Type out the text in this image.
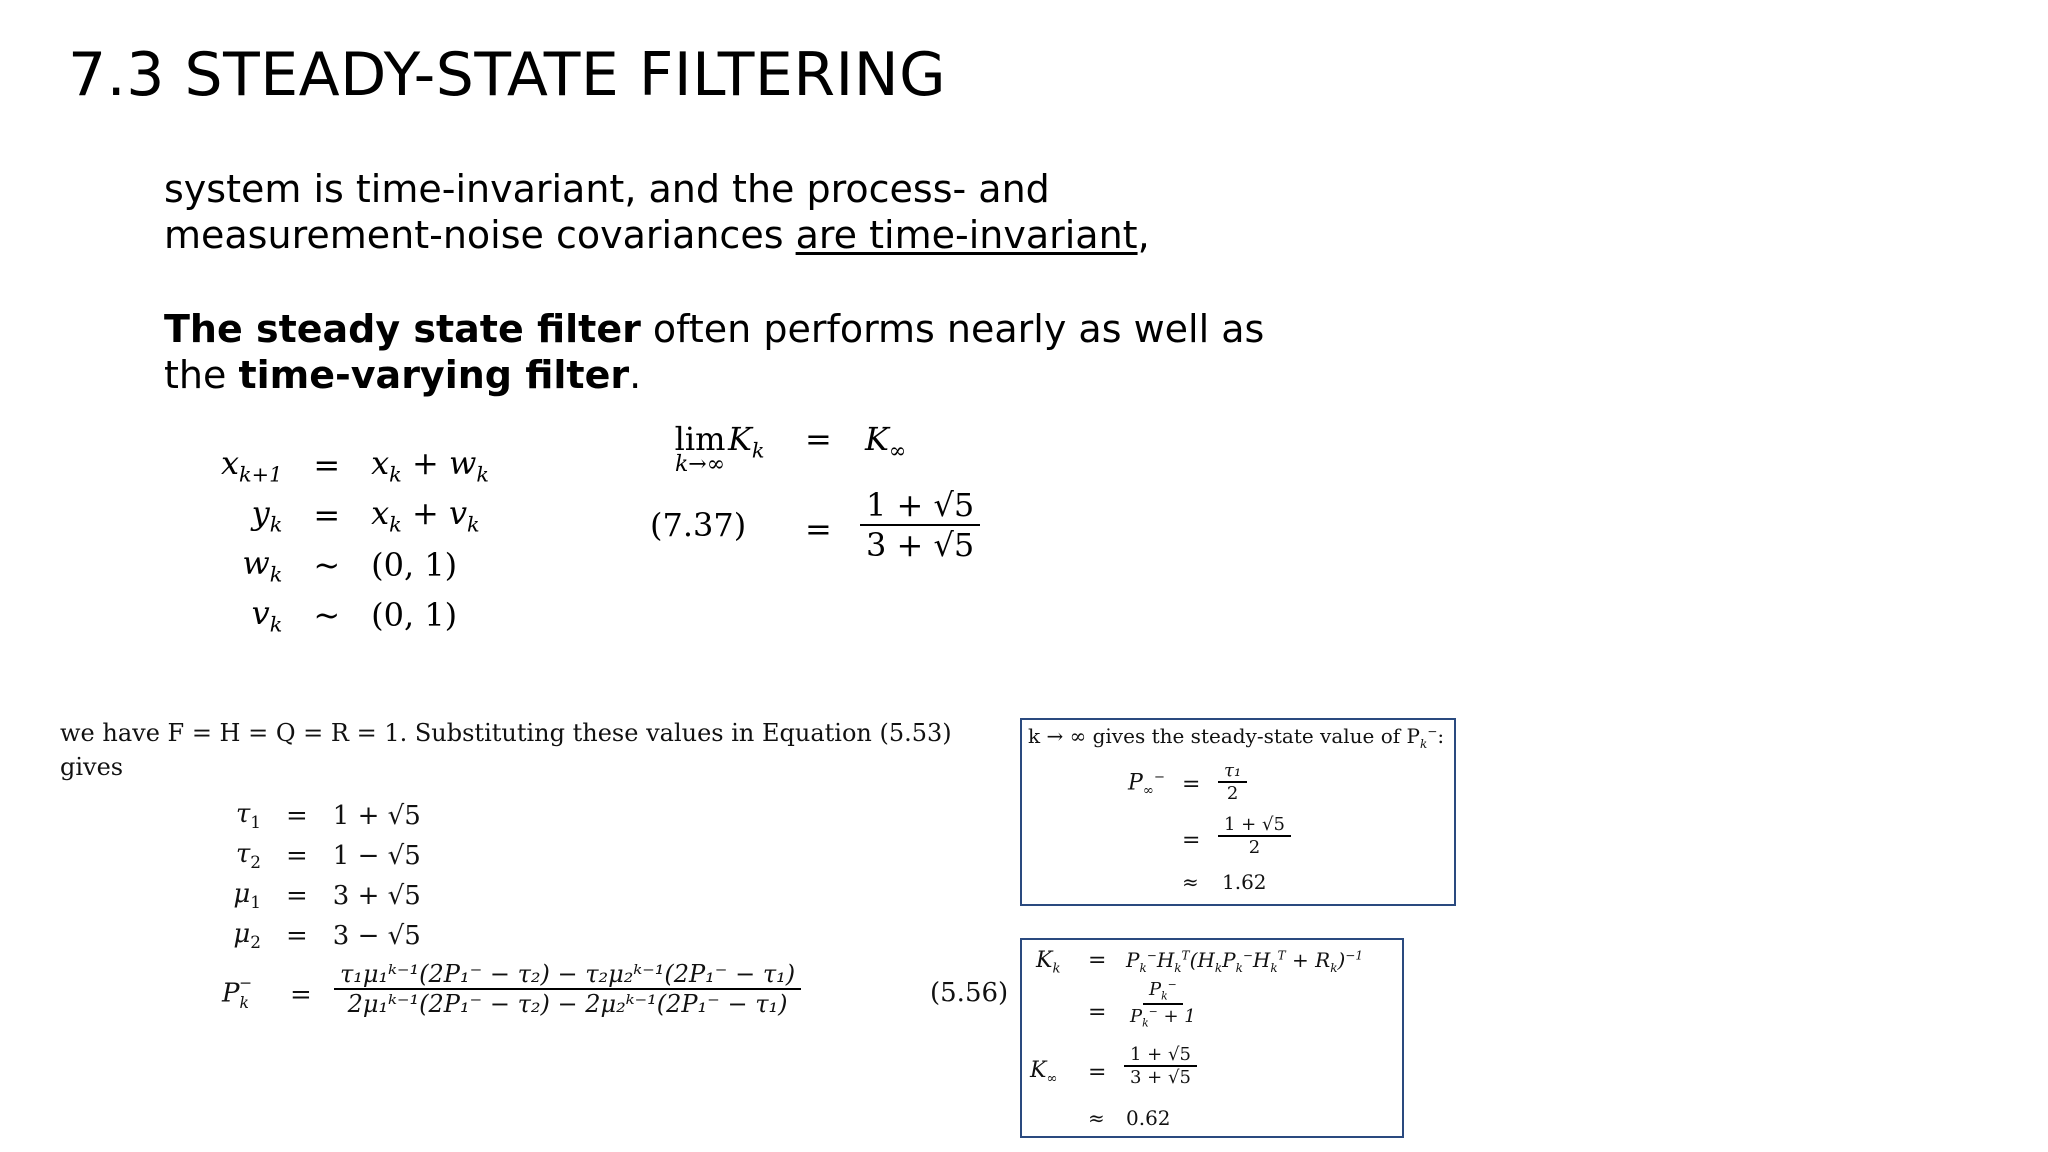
7.3 STEADY-STATE FILTERING
system is time-invariant, and the process- and
measurement-noise covariances are time-invariant,
The steady state filter often performs nearly as well as
the time-varying filter.
$x_{k+1}$	=	$x_k + w_k$
$y_k$	=	$x_k + v_k$
$w_k$	~	(0, 1)
$v_k$	~	(0, 1)
lim
k→∞
$K_k = K_\infty$
$(7.37) = \frac{1 + √5}{3 + √5}$
we have F = H = Q = R = 1. Substituting these values in Equation (5.53)
gives
$\tau_1$	=	1 + √5
$\tau_2$	=	1 − √5
$\mu_1$	=	3 + √5
$\mu_2$	=	3 − √5
$P_k^- = \frac{\text{τ₁μ₁ᵏ⁻¹(2P₁⁻ − τ₂) − τ₂μ₂ᵏ⁻¹(2P₁⁻ − τ₁)}}{\text{2μ₁ᵏ⁻¹(2P₁⁻ − τ₂) − 2μ₂ᵏ⁻¹(2P₁⁻ − τ₁)}}$	(5.56)
k → ∞ gives the steady-state value of $P_k^-$:
$P_\infty^- = \frac{\text{τ₁}}{2}$
= $\frac{1 + √5}{2}$
≈ 1.62
$K_k = P_k^-H_k^T(H_kP_k^-H_k^T + R_k)^{-1}$
= $\frac{P_k^-}{P_k^- + 1}$
$K_\infty = \frac{1 + √5}{3 + √5}$
≈ 0.62
